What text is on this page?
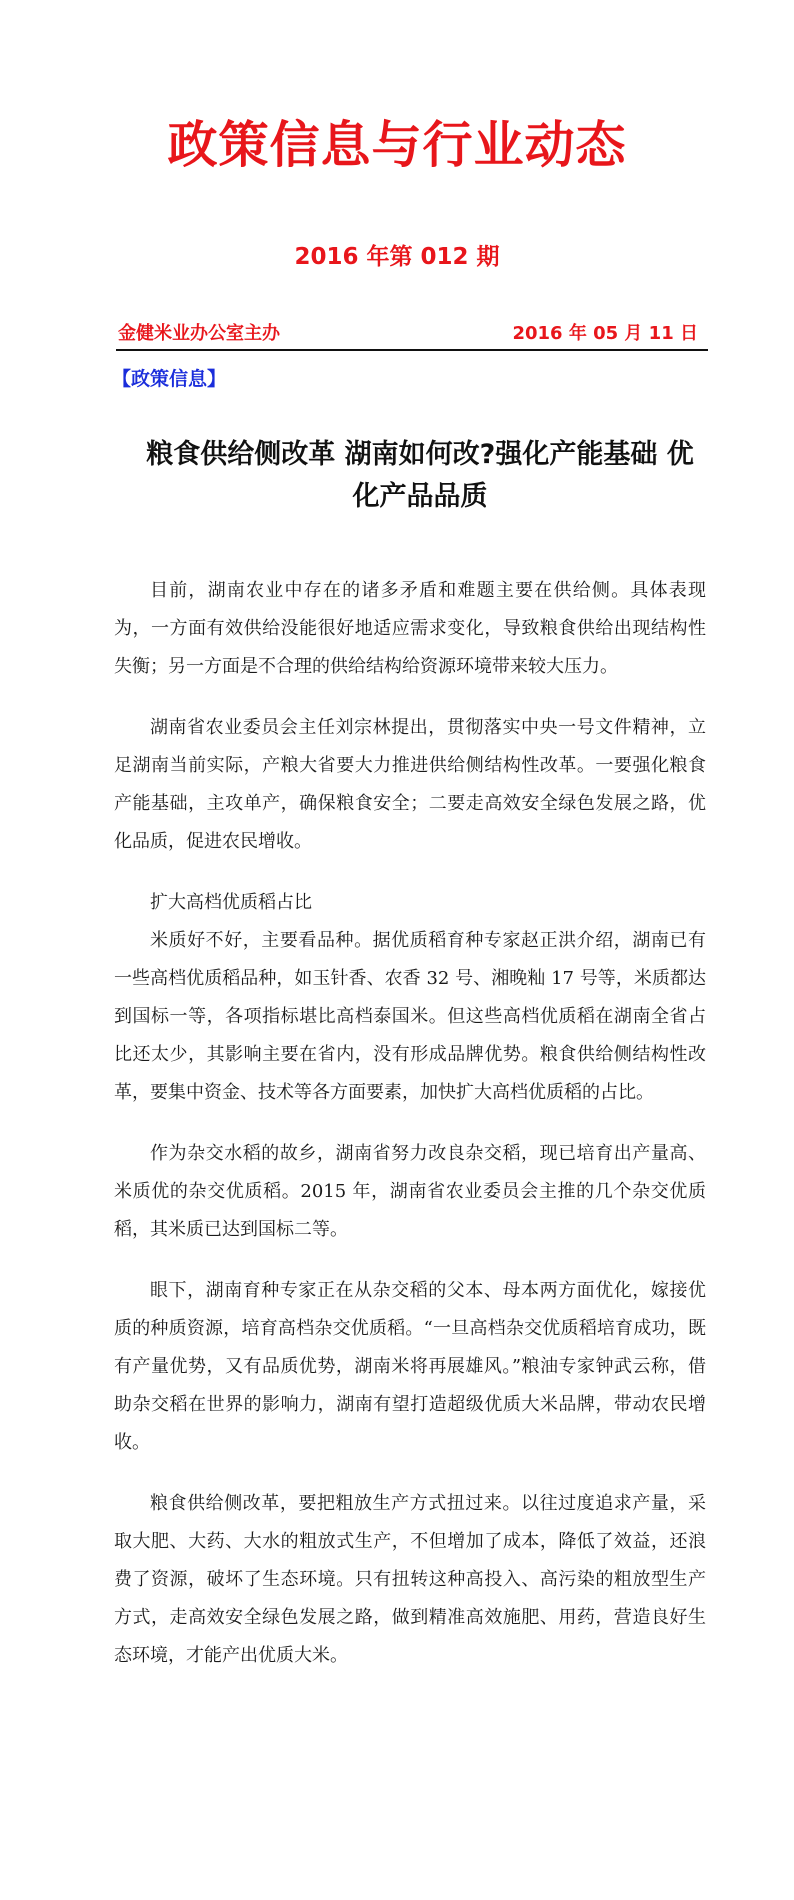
政策信息与行业动态
2016 年第 012 期
金健米业办公室主办	2016 年 05 月 11 日
【政策信息】
粮食供给侧改革 湖南如何改?强化产能基础 优化产品品质

目前，湖南农业中存在的诸多矛盾和难题主要在供给侧。具体表现为，一方面有效供给没能很好地适应需求变化，导致粮食供给出现结构性失衡；另一方面是不合理的供给结构给资源环境带来较大压力。

湖南省农业委员会主任刘宗林提出，贯彻落实中央一号文件精神，立足湖南当前实际，产粮大省要大力推进供给侧结构性改革。一要强化粮食产能基础，主攻单产，确保粮食安全；二要走高效安全绿色发展之路，优化品质，促进农民增收。

扩大高档优质稻占比

米质好不好，主要看品种。据优质稻育种专家赵正洪介绍，湖南已有一些高档优质稻品种，如玉针香、农香 32 号、湘晚籼 17 号等，米质都达到国标一等，各项指标堪比高档泰国米。但这些高档优质稻在湖南全省占比还太少，其影响主要在省内，没有形成品牌优势。粮食供给侧结构性改革，要集中资金、技术等各方面要素，加快扩大高档优质稻的占比。

作为杂交水稻的故乡，湖南省努力改良杂交稻，现已培育出产量高、米质优的杂交优质稻。2015 年，湖南省农业委员会主推的几个杂交优质稻，其米质已达到国标二等。

眼下，湖南育种专家正在从杂交稻的父本、母本两方面优化，嫁接优质的种质资源，培育高档杂交优质稻。“一旦高档杂交优质稻培育成功，既有产量优势，又有品质优势，湖南米将再展雄风。”粮油专家钟武云称，借助杂交稻在世界的影响力，湖南有望打造超级优质大米品牌，带动农民增收。

粮食供给侧改革，要把粗放生产方式扭过来。以往过度追求产量，采取大肥、大药、大水的粗放式生产，不但增加了成本，降低了效益，还浪费了资源，破坏了生态环境。只有扭转这种高投入、高污染的粗放型生产方式，走高效安全绿色发展之路，做到精准高效施肥、用药，营造良好生态环境，才能产出优质大米。
